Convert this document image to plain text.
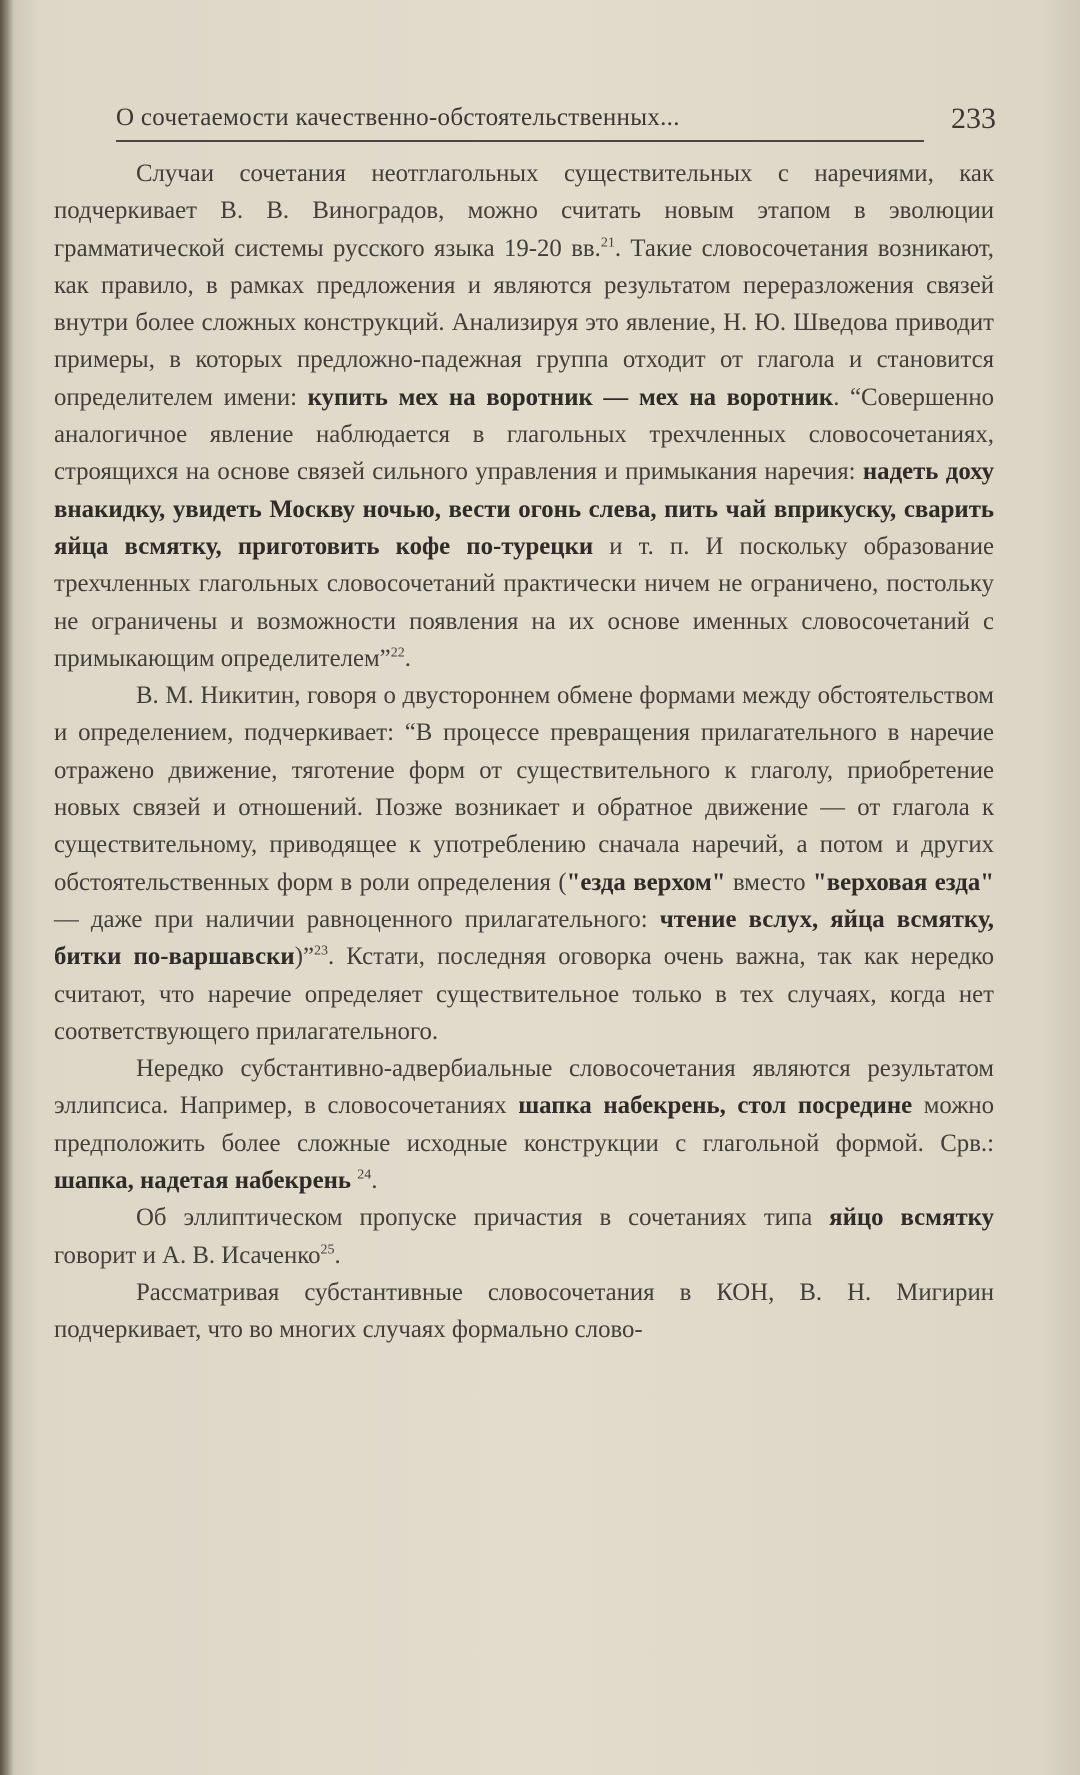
О сочетаемости качественно-обстоятельственных...	233

Случаи сочетания неотглагольных существительных с наречиями, как подчеркивает В. В. Виноградов, можно считать новым этапом в эволюции грамматической системы русского языка 19-20 вв.$^{21}$. Такие словосочетания возникают, как правило, в рамках предложения и являются результатом переразложения связей внутри более сложных конструкций. Анализируя это явление, Н. Ю. Шведова приводит примеры, в которых предложно-падежная группа отходит от глагола и становится определителем имени: купить мех на воротник — мех на воротник. “Совершенно аналогичное явление наблюдается в глагольных трехчленных словосочетаниях, строящихся на основе связей сильного управления и примыкания наречия: надеть доху внакидку, увидеть Москву ночью, вести огонь слева, пить чай вприкуску, сварить яйца всмятку, приготовить кофе по-турецки и т. п. И поскольку образование трехчленных глагольных словосочетаний практически ничем не ограничено, постольку не ограничены и возможности появления на их основе именных словосочетаний с примыкающим определителем”$^{22}$.

В. М. Никитин, говоря о двустороннем обмене формами между обстоятельством и определением, подчеркивает: “В процессе превращения прилагательного в наречие отражено движение, тяготение форм от существительного к глаголу, приобретение новых связей и отношений. Позже возникает и обратное движение — от глагола к существительному, приводящее к употреблению сначала наречий, а потом и других обстоятельственных форм в роли определения ("езда верхом" вместо "верховая езда" — даже при наличии равноценного прилагательного: чтение вслух, яйца всмятку, битки по-варшавски)”$^{23}$. Кстати, последняя оговорка очень важна, так как нередко считают, что наречие определяет существительное только в тех случаях, когда нет соответствующего прилагательного.

Нередко субстантивно-адвербиальные словосочетания являются результатом эллипсиса. Например, в словосочетаниях шапка набекрень, стол посредине можно предположить более сложные исходные конструкции с глагольной формой. Срв.: шапка, надетая набекрень $^{24}$.

Об эллиптическом пропуске причастия в сочетаниях типа яйцо всмятку говорит и А. В. Исаченко$^{25}$.

Рассматривая субстантивные словосочетания в КОН, В. Н. Мигирин подчеркивает, что во многих случаях формально слово-
